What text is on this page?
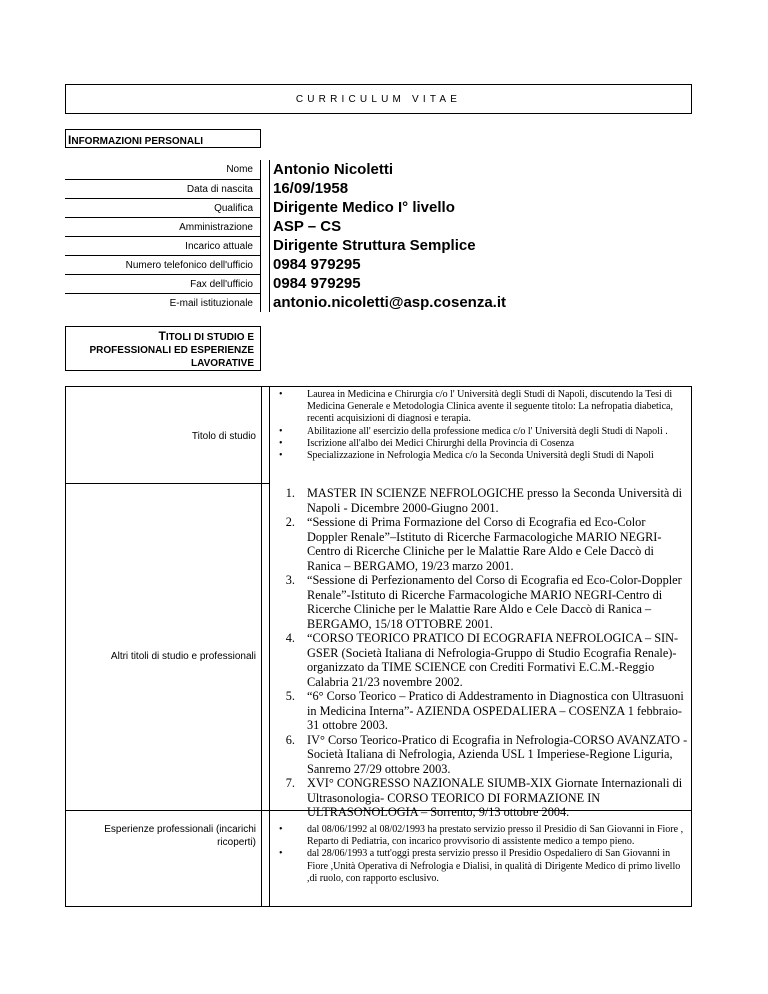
CURRICULUM VITAE
INFORMAZIONI PERSONALI
Nome	Antonio Nicoletti
Data di nascita	16/09/1958
Qualifica	Dirigente Medico I° livello
Amministrazione	ASP – CS
Incarico attuale	Dirigente Struttura Semplice
Numero telefonico dell'ufficio	0984 979295
Fax dell'ufficio	0984 979295
E-mail istituzionale	antonio.nicoletti@asp.cosenza.it
TITOLI DI STUDIO E
PROFESSIONALI ED ESPERIENZE
LAVORATIVE
Titolo di studio
• Laurea in Medicina e Chirurgia c/o l' Università degli Studi di Napoli, discutendo la Tesi di Medicina Generale e Metodologia Clinica avente il seguente titolo: La nefropatia diabetica, recenti acquisizioni di diagnosi e terapia.
• Abilitazione all' esercizio della professione medica c/o l' Università degli Studi di Napoli .
• Iscrizione all'albo dei Medici Chirurghi della Provincia di Cosenza
• Specializzazione in Nefrologia Medica c/o la Seconda Università degli Studi di Napoli
Altri titoli di studio e professionali
1. MASTER IN SCIENZE NEFROLOGICHE presso la Seconda Università di Napoli - Dicembre 2000-Giugno 2001.
2. “Sessione di Prima Formazione del Corso di Ecografia ed Eco-Color Doppler Renale”–Istituto di Ricerche Farmacologiche MARIO NEGRI-Centro di Ricerche Cliniche per le Malattie Rare Aldo e Cele Daccò di Ranica – BERGAMO, 19/23 marzo 2001.
3. “Sessione di Perfezionamento del Corso di Ecografia ed Eco-Color-Doppler Renale”-Istituto di Ricerche Farmacologiche MARIO NEGRI-Centro di Ricerche Cliniche per le Malattie Rare Aldo e Cele Daccò di Ranica – BERGAMO, 15/18 OTTOBRE 2001.
4. “CORSO TEORICO PRATICO DI ECOGRAFIA NEFROLOGICA – SIN-GSER (Società Italiana di Nefrologia-Gruppo di Studio Ecografia Renale)- organizzato da TIME SCIENCE con Crediti Formativi E.C.M.-Reggio Calabria 21/23 novembre 2002.
5. “6° Corso Teorico – Pratico di Addestramento in Diagnostica con Ultrasuoni in Medicina Interna”- AZIENDA OSPEDALIERA – COSENZA 1 febbraio-31 ottobre 2003.
6. IV° Corso Teorico-Pratico di Ecografia in Nefrologia-CORSO AVANZATO - Società Italiana di Nefrologia, Azienda USL 1 Imperiese-Regione Liguria, Sanremo 27/29 ottobre 2003.
7. XVI° CONGRESSO NAZIONALE SIUMB-XIX Giornate Internazionali di Ultrasonologia- CORSO TEORICO DI FORMAZIONE IN ULTRASONOLOGIA – Sorrento, 9/13 ottobre 2004.
Esperienze professionali (incarichi
ricoperti)
• dal 08/06/1992 al 08/02/1993 ha prestato servizio presso il Presidio di San Giovanni in Fiore , Reparto di Pediatria, con incarico provvisorio di assistente medico a tempo pieno.
• dal 28/06/1993 a tutt'oggi presta servizio presso il Presidio Ospedaliero di San Giovanni in Fiore ,Unità Operativa di Nefrologia e Dialisi, in qualità di Dirigente Medico di primo livello ,di ruolo, con rapporto esclusivo.
